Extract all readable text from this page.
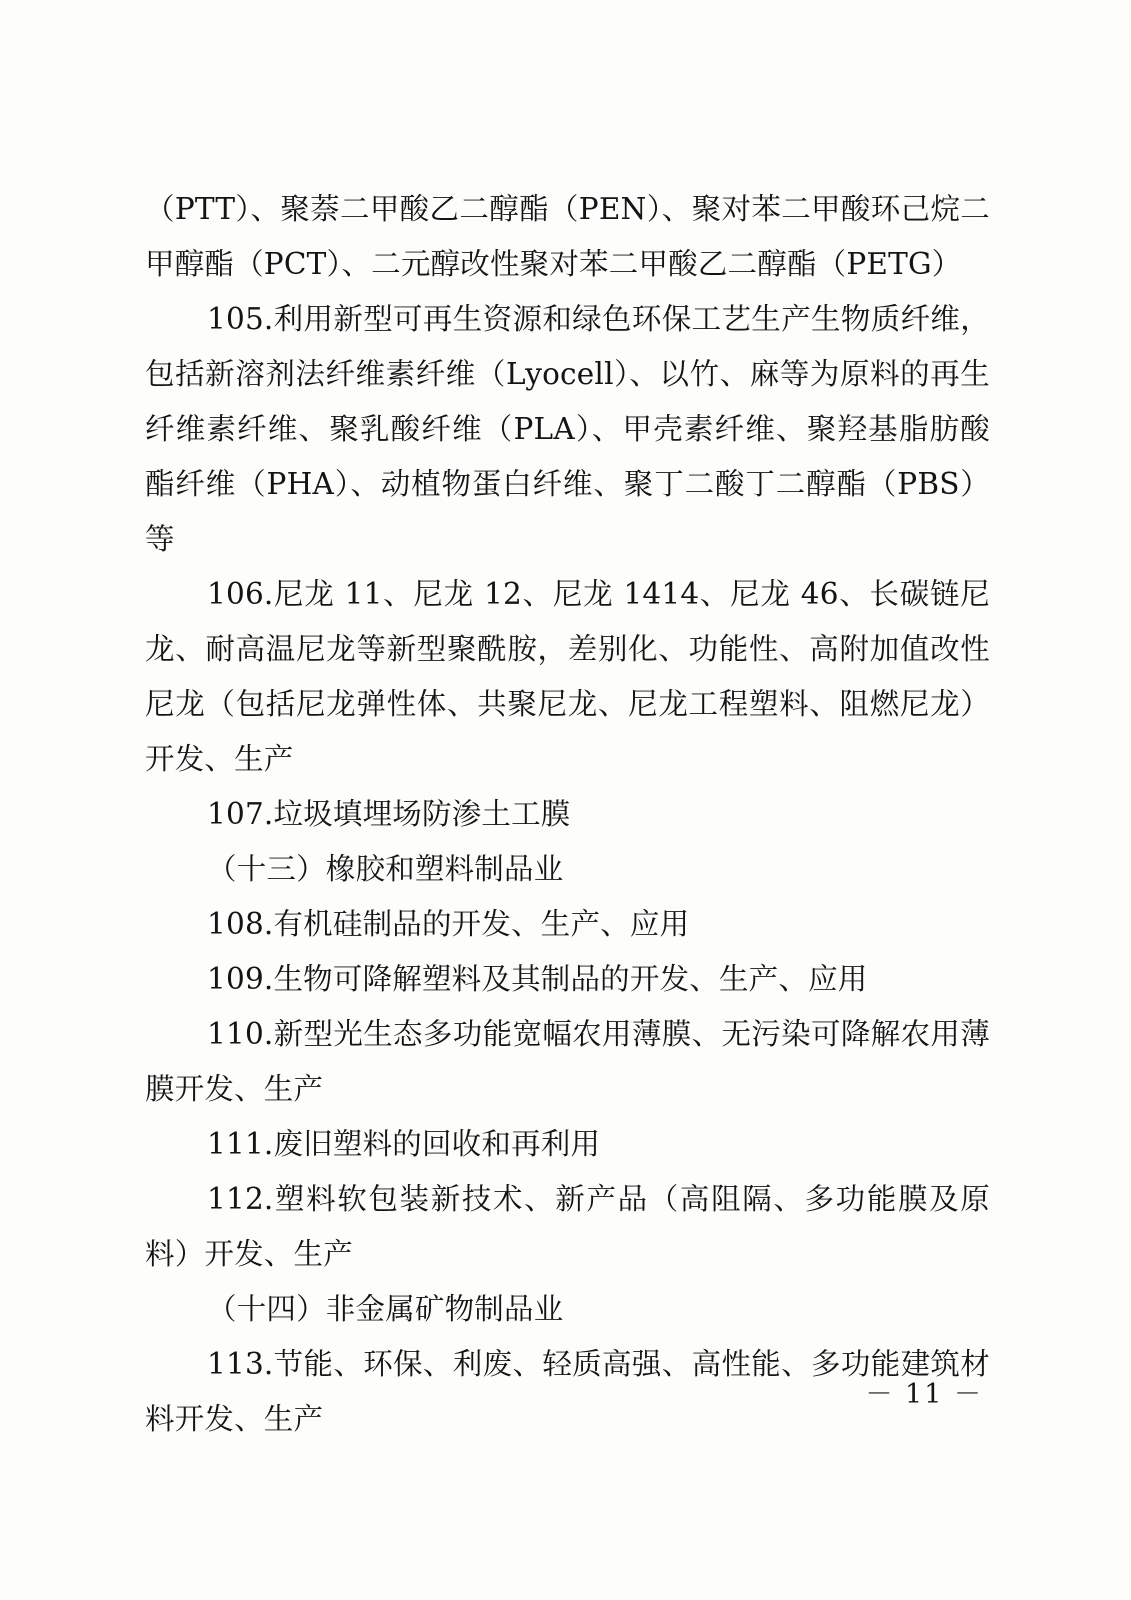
（PTT）、聚萘二甲酸乙二醇酯（PEN）、聚对苯二甲酸环己烷二甲醇酯（PCT）、二元醇改性聚对苯二甲酸乙二醇酯（PETG）

105.利用新型可再生资源和绿色环保工艺生产生物质纤维，包括新溶剂法纤维素纤维（Lyocell）、以竹、麻等为原料的再生纤维素纤维、聚乳酸纤维（PLA）、甲壳素纤维、聚羟基脂肪酸酯纤维（PHA）、动植物蛋白纤维、聚丁二酸丁二醇酯（PBS）等

106.尼龙 11、尼龙 12、尼龙 1414、尼龙 46、长碳链尼龙、耐高温尼龙等新型聚酰胺，差别化、功能性、高附加值改性尼龙（包括尼龙弹性体、共聚尼龙、尼龙工程塑料、阻燃尼龙）开发、生产

107.垃圾填埋场防渗土工膜

（十三）橡胶和塑料制品业

108.有机硅制品的开发、生产、应用

109.生物可降解塑料及其制品的开发、生产、应用

110.新型光生态多功能宽幅农用薄膜、无污染可降解农用薄膜开发、生产

111.废旧塑料的回收和再利用

112.塑料软包装新技术、新产品（高阻隔、多功能膜及原料）开发、生产

（十四）非金属矿物制品业

113.节能、环保、利废、轻质高强、高性能、多功能建筑材料开发、生产

－ 11 －
